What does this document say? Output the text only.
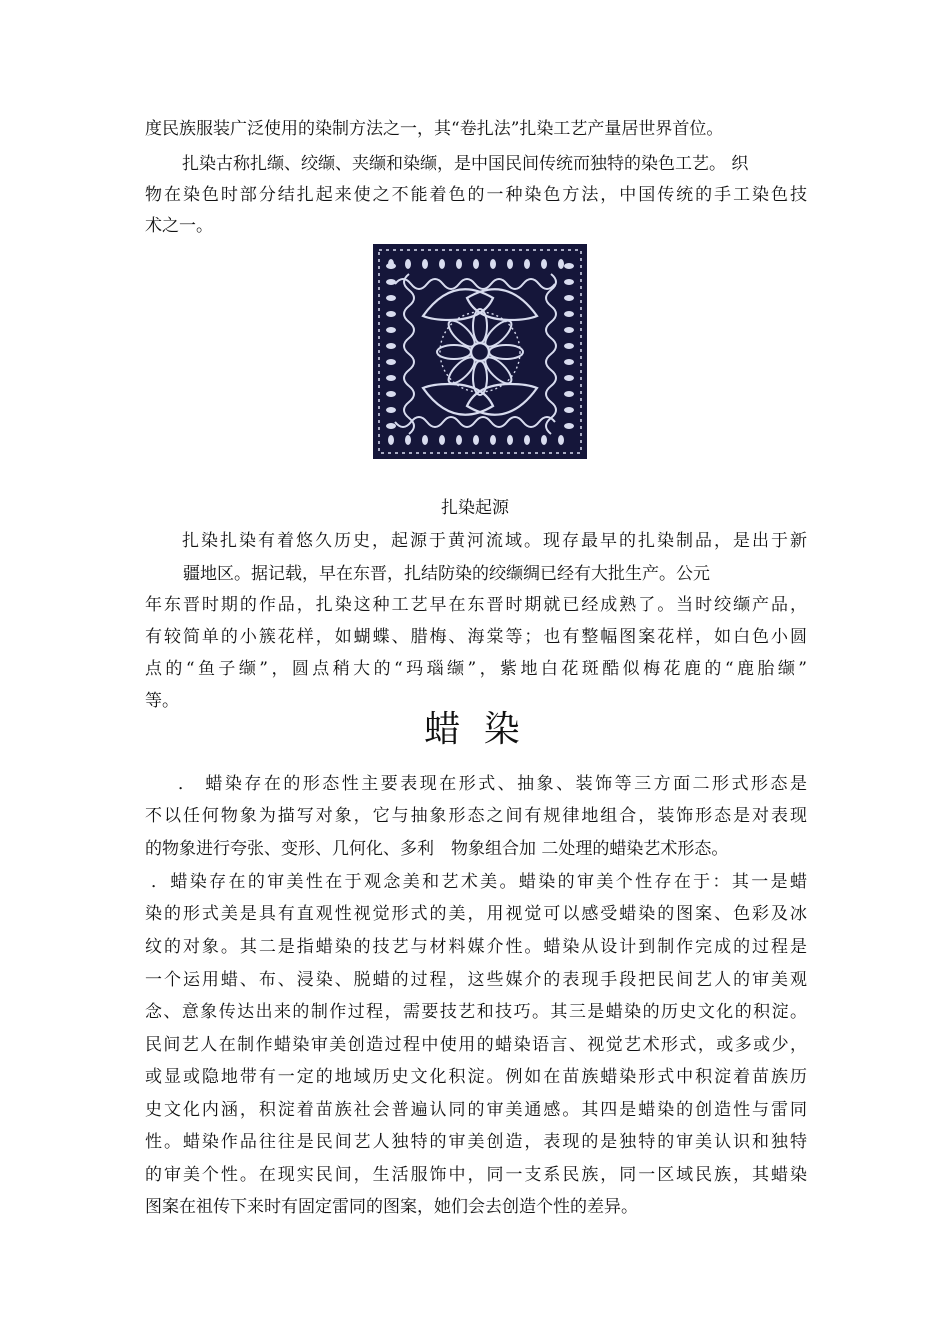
度民族服装广泛使用的染制方法之一，其“卷扎法”扎染工艺产量居世界首位。
扎染古称扎缬、绞缬、夹缬和染缬，是中国民间传统而独特的染色工艺。 织
物在染色时部分结扎起来使之不能着色的一种染色方法，中国传统的手工染色技
术之一。
扎染起源
扎染扎染有着悠久历史，起源于黄河流域。现存最早的扎染制品，是出于新
疆地区。据记载，早在东晋，扎结防染的绞缬绸已经有大批生产。公元
年东晋时期的作品，扎染这种工艺早在东晋时期就已经成熟了。当时绞缬产品，
有较简单的小簇花样，如蝴蝶、腊梅、海棠等；也有整幅图案花样，如白色小圆
点的“鱼子缬”，圆点稍大的“玛瑙缬”，紫地白花斑酷似梅花鹿的“鹿胎缬”
等。
蜡 染
． 蜡染存在的形态性主要表现在形式、抽象、装饰等三方面二形式形态是
不以任何物象为描写对象，它与抽象形态之间有规律地组合，装饰形态是对表现
的物象进行夸张、变形、几何化、多利　物象组合加 二处理的蜡染艺术形态。
．蜡染存在的审美性在于观念美和艺术美。蜡染的审美个性存在于：其一是蜡
染的形式美是具有直观性视觉形式的美，用视觉可以感受蜡染的图案、色彩及冰
纹的对象。其二是指蜡染的技艺与材料媒介性。蜡染从设计到制作完成的过程是
一个运用蜡、布、浸染、脱蜡的过程，这些媒介的表现手段把民间艺人的审美观
念、意象传达出来的制作过程，需要技艺和技巧。其三是蜡染的历史文化的积淀。
民间艺人在制作蜡染审美创造过程中使用的蜡染语言、视觉艺术形式，或多或少，
或显或隐地带有一定的地域历史文化积淀。例如在苗族蜡染形式中积淀着苗族历
史文化内涵，积淀着苗族社会普遍认同的审美通感。其四是蜡染的创造性与雷同
性。蜡染作品往往是民间艺人独特的审美创造，表现的是独特的审美认识和独特
的审美个性。在现实民间，生活服饰中，同一支系民族，同一区域民族，其蜡染
图案在祖传下来时有固定雷同的图案，她们会去创造个性的差异。
